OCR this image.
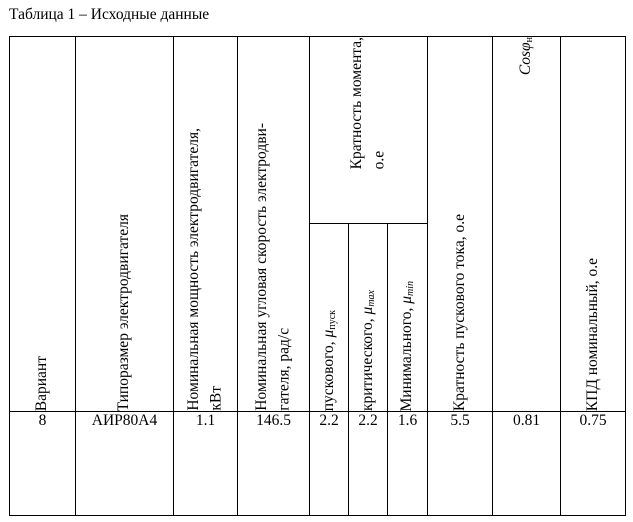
Таблица 1 – Исходные данные
Вариант	Типоразмер электродвигателя	Номинальная мощность электродвигателя, кВт	Номинальная угловая скорость электродви- гателя, рад/с	Кратность момента, о.е			Кратность пускового тока, о.е	Cosφ$_н$	КПД номинальный, о.е

				пускового, $\mu_{пуск}$	критического, $\mu_{max}$	Минимального, $\mu_{min}$

8	АИР80А4	1.1	146.5	2.2	2.2	1.6	5.5	0.81	0.75
